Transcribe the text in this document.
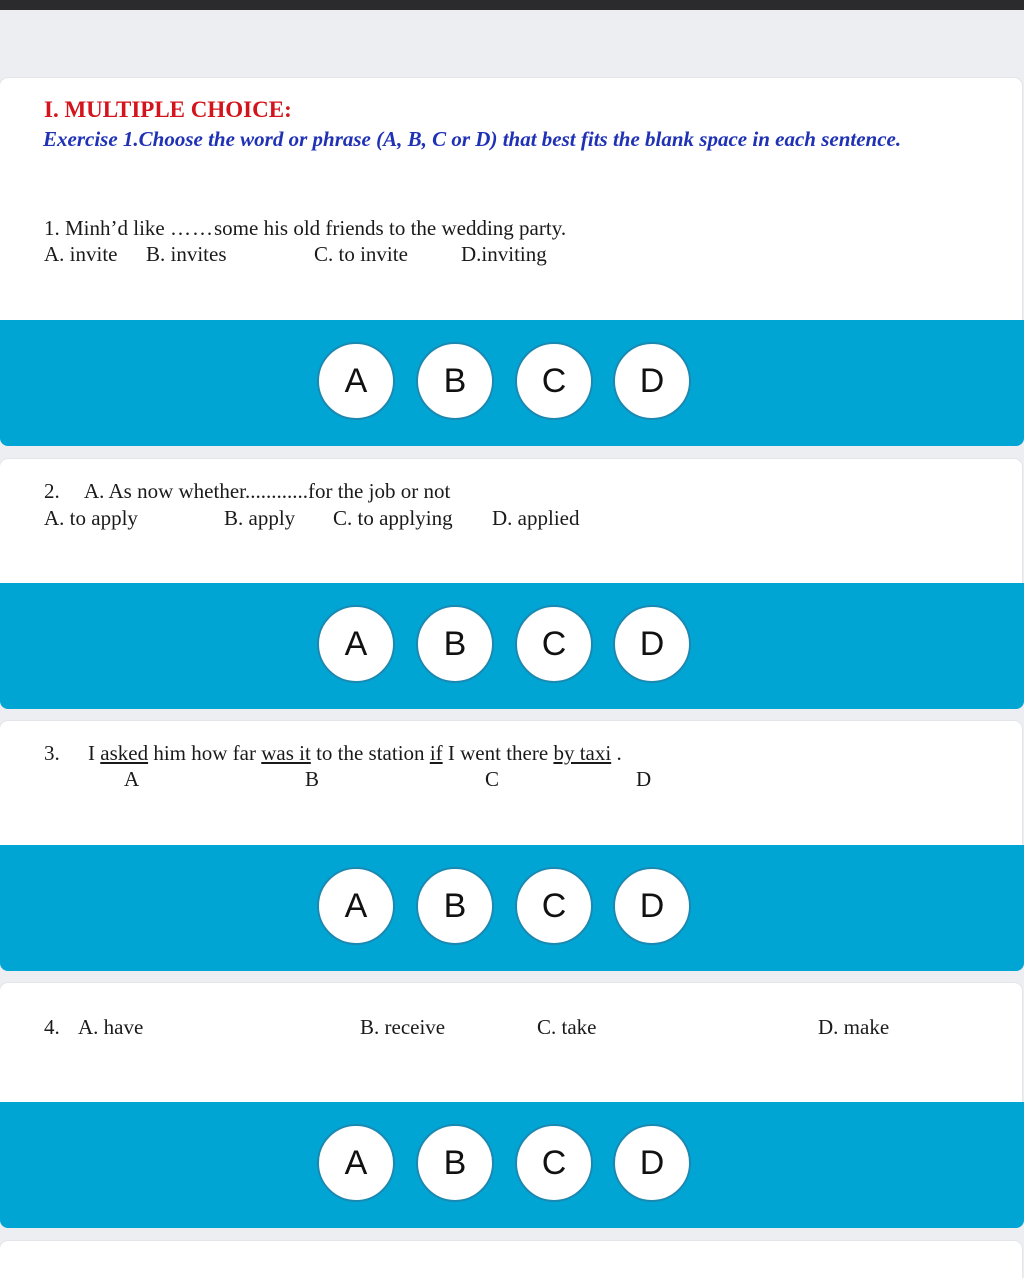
I. MULTIPLE CHOICE:
Exercise 1.Choose the word or phrase (A, B, C or D) that best fits the blank space in each sentence.
1. Minh’d like ……some his old friends to the wedding party.
A. invite B. invites	C. to invite	D.inviting
A	B	C	D
2. A. As now whether............for the job or not
A. to apply	B. apply C. to applying D. applied
A	B	C	D
3. I asked him how far was it to the station if I went there by taxi .
A	B	C	D
A	B	C	D
4. A. have	B. receive	C. take	D. make
A	B	C	D
